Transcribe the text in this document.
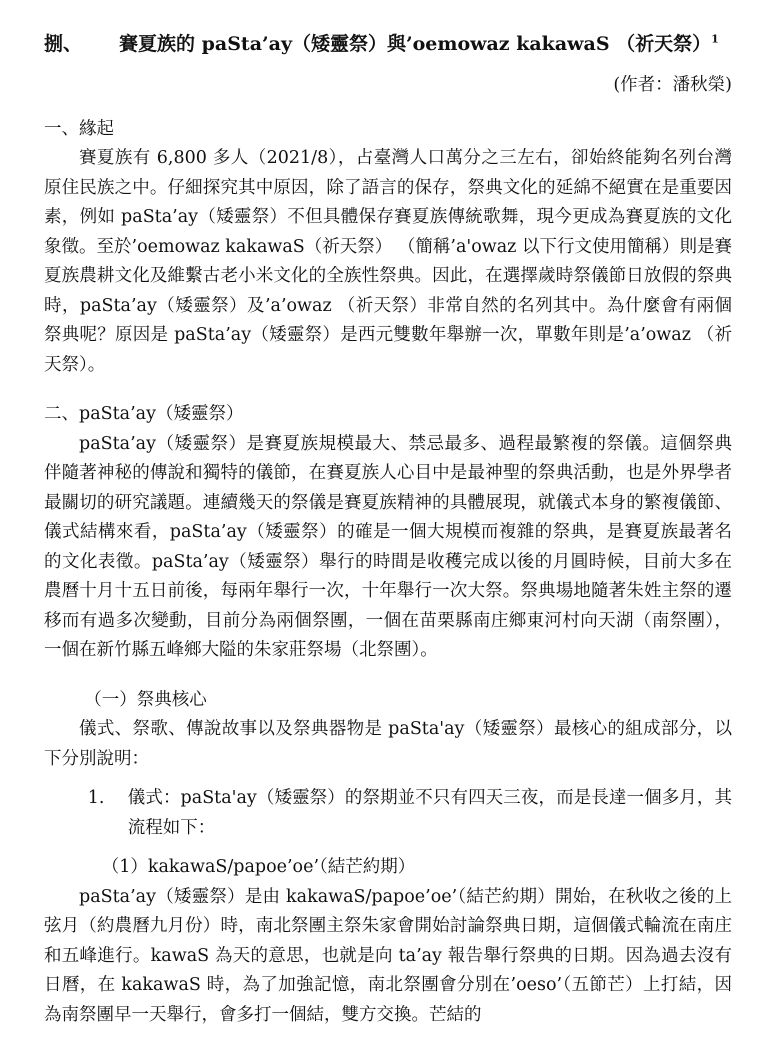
捌、	賽夏族的 paSta’ay（矮靈祭）與’oemowaz kakawaS （祈天祭）$^1$
(作者：潘秋榮)

一、緣起

賽夏族有 6,800 多人（2021/8），占臺灣人口萬分之三左右，卻始終能夠名列台灣原住民族之中。仔細探究其中原因，除了語言的保存，祭典文化的延綿不絕實在是重要因素，例如 paSta’ay（矮靈祭）不但具體保存賽夏族傳統歌舞，現今更成為賽夏族的文化象徵。至於’oemowaz kakawaS（祈天祭） （簡稱’a'owaz 以下行文使用簡稱）則是賽夏族農耕文化及維繫古老小米文化的全族性祭典。因此，在選擇歲時祭儀節日放假的祭典時，paSta’ay（矮靈祭）及’a’owaz （祈天祭）非常自然的名列其中。為什麼會有兩個祭典呢？原因是 paSta’ay（矮靈祭）是西元雙數年舉辦一次，單數年則是’a’owaz （祈天祭）。

二、paSta’ay（矮靈祭）

paSta’ay（矮靈祭）是賽夏族規模最大、禁忌最多、過程最繁複的祭儀。這個祭典伴隨著神秘的傳說和獨特的儀節，在賽夏族人心目中是最神聖的祭典活動，也是外界學者最關切的研究議題。連續幾天的祭儀是賽夏族精神的具體展現，就儀式本身的繁複儀節、儀式結構來看，paSta’ay（矮靈祭）的確是一個大規模而複雜的祭典，是賽夏族最著名的文化表徵。paSta’ay（矮靈祭）舉行的時間是收穫完成以後的月圓時候，目前大多在農曆十月十五日前後，每兩年舉行一次，十年舉行一次大祭。祭典場地隨著朱姓主祭的遷移而有過多次變動，目前分為兩個祭團，一個在苗栗縣南庄鄉東河村向天湖（南祭團），一個在新竹縣五峰鄉大隘的朱家莊祭場（北祭團）。

（一）祭典核心

儀式、祭歌、傳說故事以及祭典器物是 paSta'ay（矮靈祭）最核心的組成部分，以下分別說明：

1.	儀式：paSta'ay（矮靈祭）的祭期並不只有四天三夜，而是長達一個多月，其流程如下：

（1）kakawaS/papoe’oe’（結芒約期）

paSta’ay（矮靈祭）是由 kakawaS/papoe’oe’（結芒約期）開始，在秋收之後的上弦月（約農曆九月份）時，南北祭團主祭朱家會開始討論祭典日期，這個儀式輪流在南庄和五峰進行。kawaS 為天的意思，也就是向 ta’ay 報告舉行祭典的日期。因為過去沒有日曆，在 kakawaS 時，為了加強記憶，南北祭團會分別在’oeso’（五節芒）上打結，因為南祭團早一天舉行，會多打一個結，雙方交換。芒結的
